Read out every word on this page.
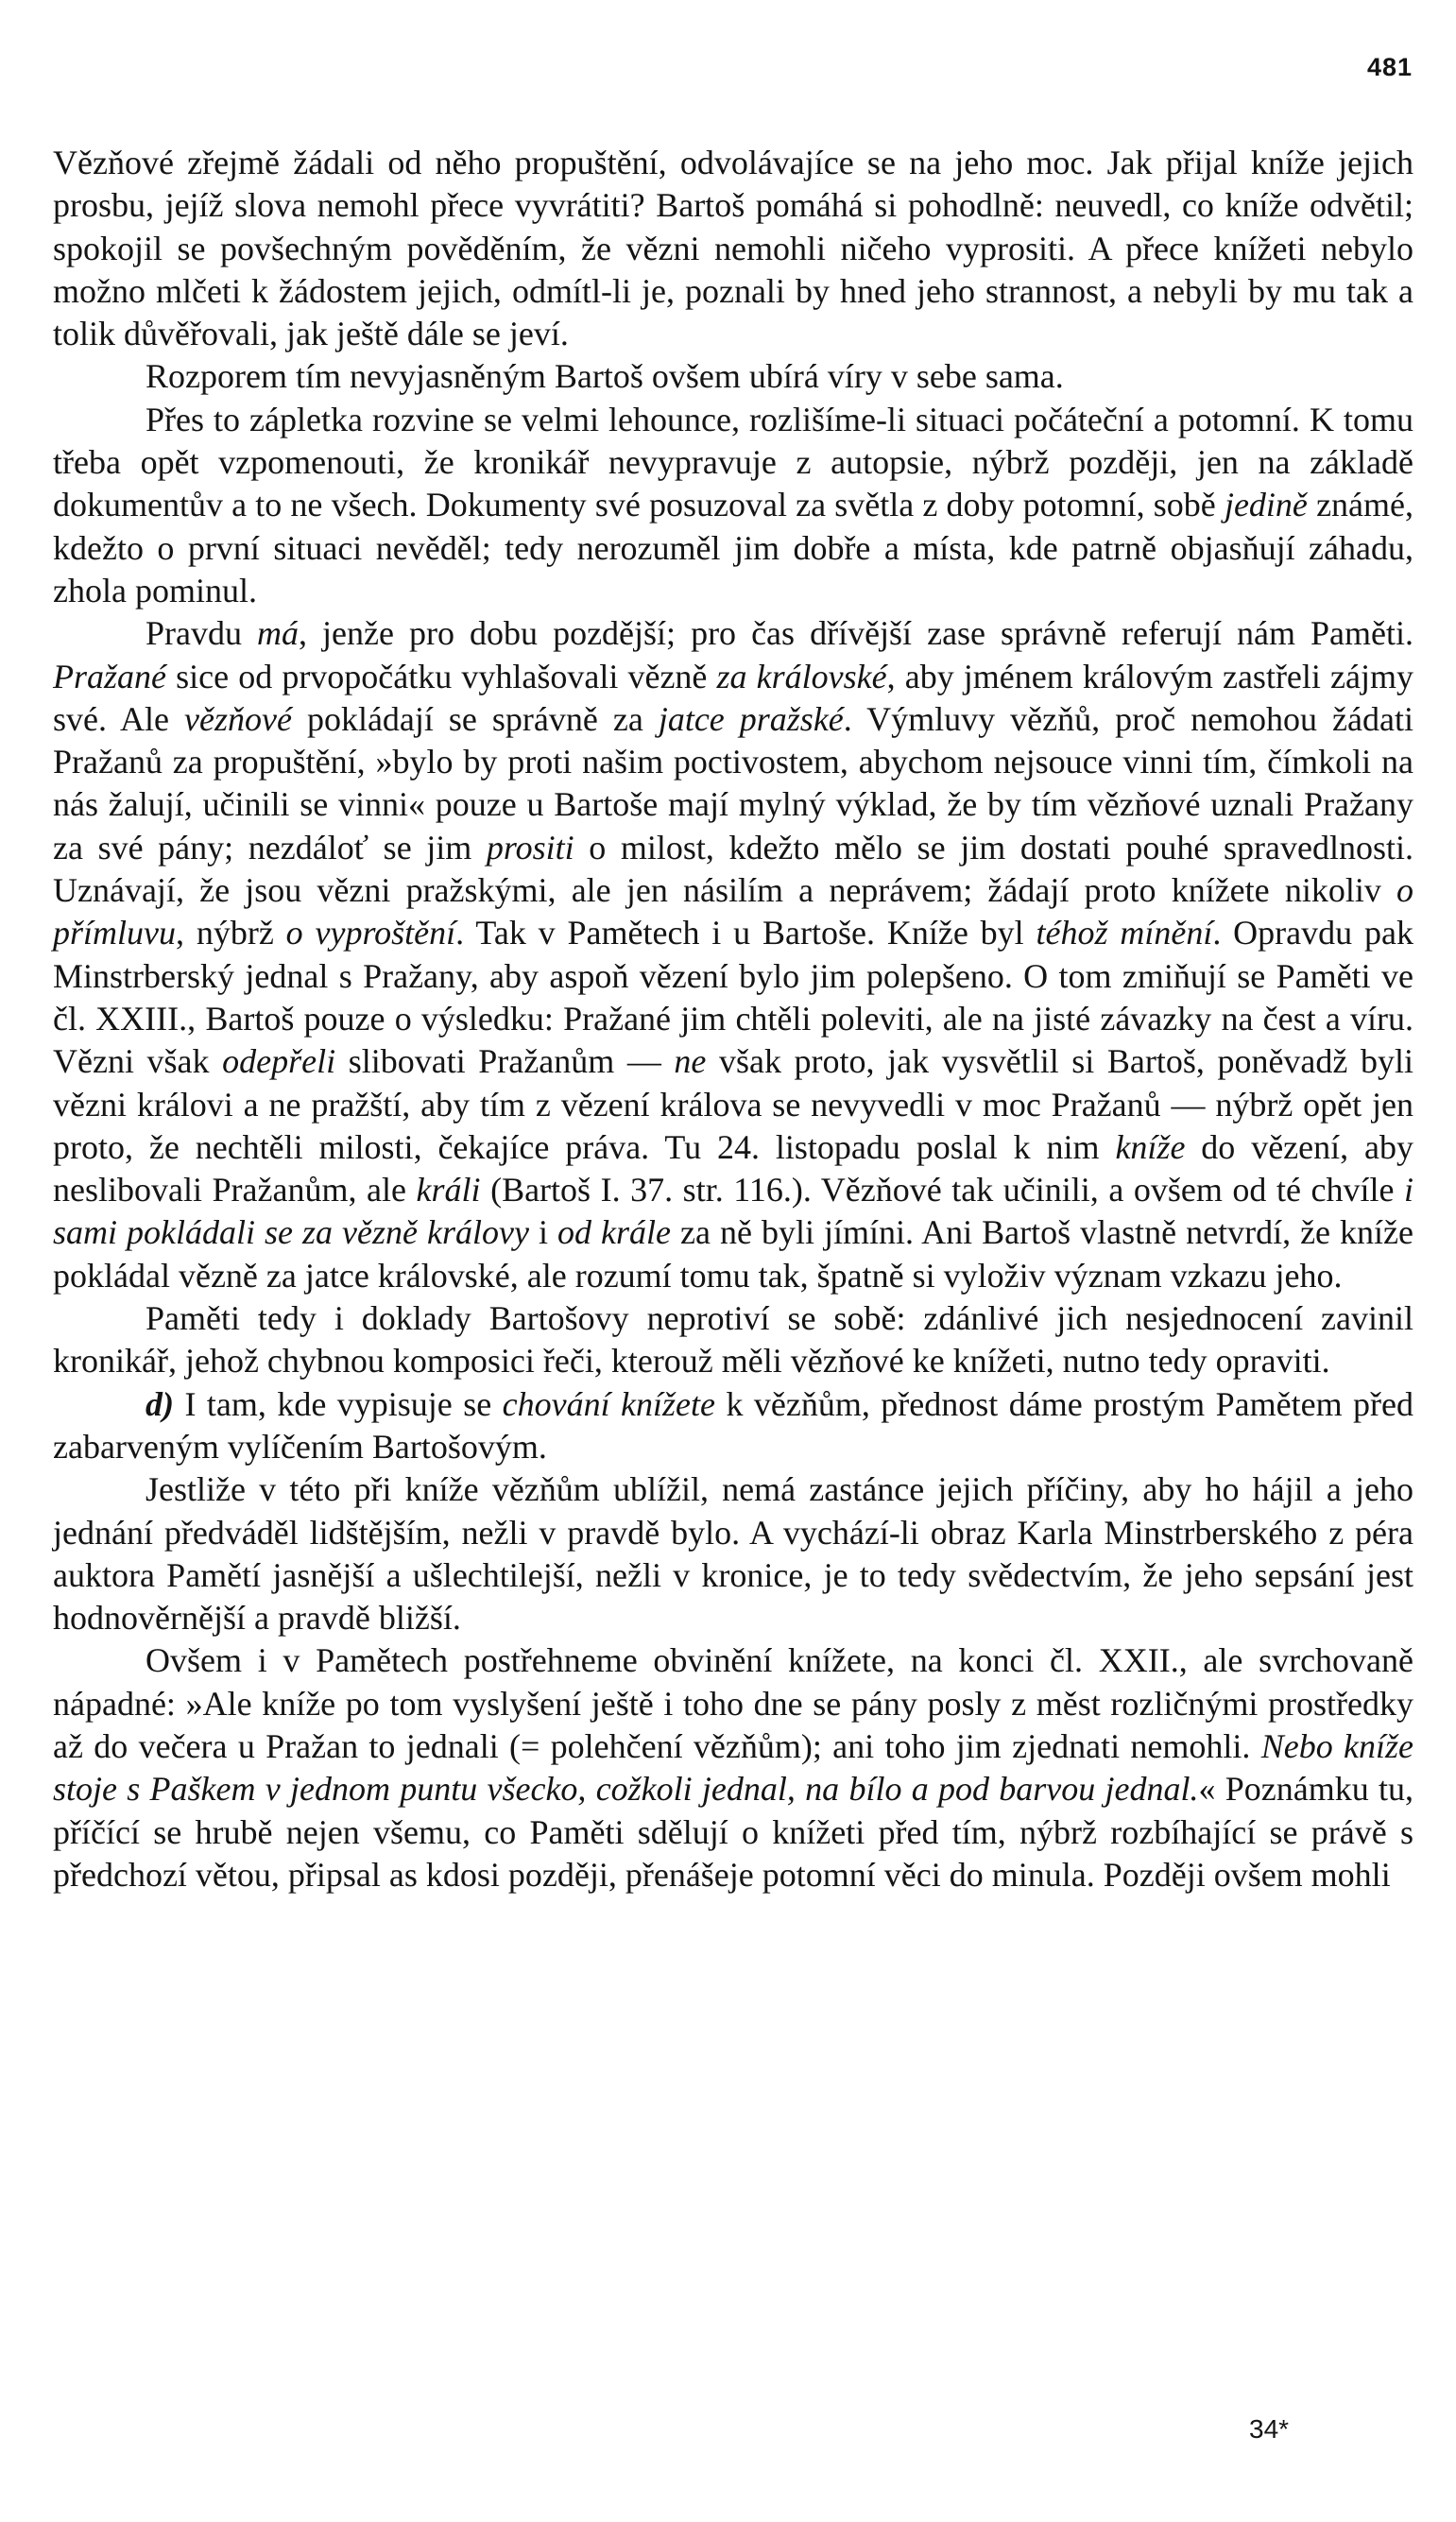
481

Vězňové zřejmě žádali od něho propuštění, odvolávajíce se na jeho moc. Jak přijal kníže jejich prosbu, jejíž slova nemohl přece vyvrátiti? Bartoš pomáhá si pohodlně: neuvedl, co kníže odvětil; spokojil se povšechným pověděním, že vězni nemohli ničeho vyprositi. A přece knížeti nebylo možno mlčeti k žádostem jejich, odmítl-li je, poznali by hned jeho strannost, a nebyli by mu tak a tolik důvěřovali, jak ještě dále se jeví.

Rozporem tím nevyjasněným Bartoš ovšem ubírá víry v sebe sama.

Přes to zápletka rozvine se velmi lehounce, rozlišíme-li situaci počáteční a potomní. K tomu třeba opět vzpomenouti, že kronikář nevypravuje z autopsie, nýbrž později, jen na základě dokumentův a to ne všech. Dokumenty své posuzoval za světla z doby potomní, sobě jedině známé, kdežto o první situaci nevěděl; tedy nerozuměl jim dobře a místa, kde patrně objasňují záhadu, zhola pominul.

Pravdu má, jenže pro dobu pozdější; pro čas dřívější zase správně referují nám Paměti. Pražané sice od prvopočátku vyhlašovali vězně za královské, aby jménem královým zastřeli zájmy své. Ale vězňové pokládají se správně za jatce pražské. Výmluvy vězňů, proč nemohou žádati Pražanů za propuštění, »bylo by proti našim poctivostem, abychom nejsouce vinni tím, čímkoli na nás žalují, učinili se vinni« pouze u Bartoše mají mylný výklad, že by tím vězňové uznali Pražany za své pány; nezdáloť se jim prositi o milost, kdežto mělo se jim dostati pouhé spravedlnosti. Uznávají, že jsou vězni pražskými, ale jen násilím a neprávem; žádají proto knížete nikoliv o přímluvu, nýbrž o vyproštění. Tak v Pamětech i u Bartoše. Kníže byl téhož mínění. Opravdu pak Minstrberský jednal s Pražany, aby aspoň vězení bylo jim polepšeno. O tom zmiňují se Paměti ve čl. XXIII., Bartoš pouze o výsledku: Pražané jim chtěli poleviti, ale na jisté závazky na čest a víru. Vězni však odepřeli slibovati Pražanům — ne však proto, jak vysvětlil si Bartoš, poněvadž byli vězni královi a ne pražští, aby tím z vězení králova se nevyvedli v moc Pražanů — nýbrž opět jen proto, že nechtěli milosti, čekajíce práva. Tu 24. listopadu poslal k nim kníže do vězení, aby neslibovali Pražanům, ale králi (Bartoš I. 37. str. 116.). Vězňové tak učinili, a ovšem od té chvíle i sami pokládali se za vězně královy i od krále za ně byli jímíni. Ani Bartoš vlastně netvrdí, že kníže pokládal vězně za jatce královské, ale rozumí tomu tak, špatně si vyloživ význam vzkazu jeho.

Paměti tedy i doklady Bartošovy neprotiví se sobě: zdánlivé jich nesjednocení zavinil kronikář, jehož chybnou komposici řeči, kterouž měli vězňové ke knížeti, nutno tedy opraviti.

d) I tam, kde vypisuje se chování knížete k vězňům, přednost dáme prostým Pamětem před zabarveným vylíčením Bartošovým.

Jestliže v této při kníže vězňům ublížil, nemá zastánce jejich příčiny, aby ho hájil a jeho jednání předváděl lidštějším, nežli v pravdě bylo. A vychází-li obraz Karla Minstrberského z péra auktora Pamětí jasnější a ušlechtilejší, nežli v kronice, je to tedy svědectvím, že jeho sepsání jest hodnověrnější a pravdě bližší.

Ovšem i v Pamětech postřehneme obvinění knížete, na konci čl. XXII., ale svrchovaně nápadné: »Ale kníže po tom vyslyšení ještě i toho dne se pány posly z měst rozličnými prostředky až do večera u Pražan to jednali (= polehčení vězňům); ani toho jim zjednati nemohli. Nebo kníže stoje s Paškem v jednom puntu všecko, cožkoli jednal, na bílo a pod barvou jednal.« Poznámku tu, příčící se hrubě nejen všemu, co Paměti sdělují o knížeti před tím, nýbrž rozbíhající se právě s předchozí větou, připsal as kdosi později, přenášeje potomní věci do minula. Později ovšem mohli

34*
